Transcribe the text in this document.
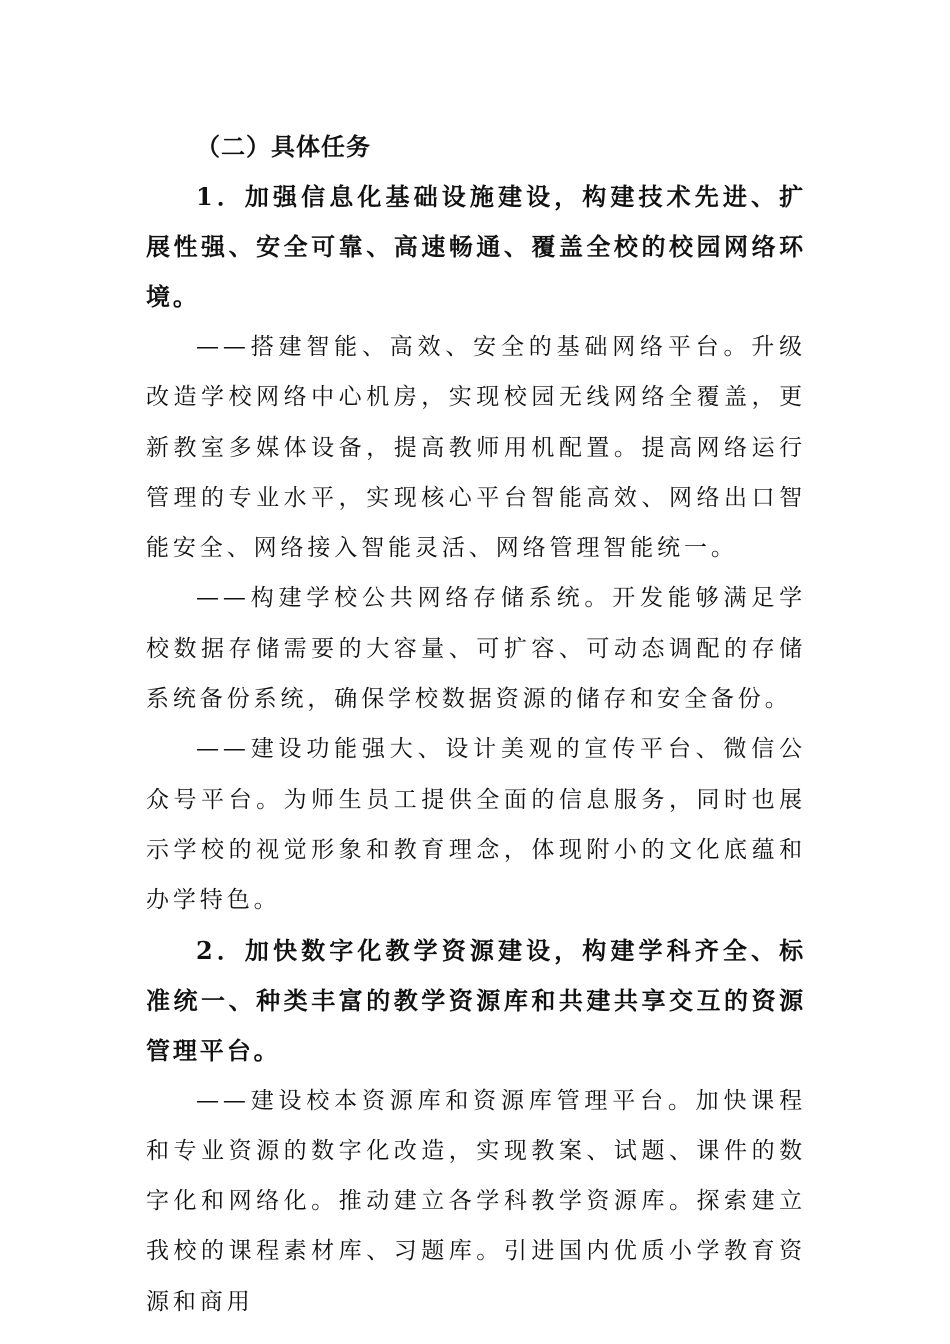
（二）具体任务

1．加强信息化基础设施建设，构建技术先进、扩展性强、安全可靠、高速畅通、覆盖全校的校园网络环境。

——搭建智能、高效、安全的基础网络平台。升级改造学校网络中心机房，实现校园无线网络全覆盖，更新教室多媒体设备，提高教师用机配置。提高网络运行管理的专业水平，实现核心平台智能高效、网络出口智能安全、网络接入智能灵活、网络管理智能统一。

——构建学校公共网络存储系统。开发能够满足学校数据存储需要的大容量、可扩容、可动态调配的存储系统备份系统，确保学校数据资源的储存和安全备份。

——建设功能强大、设计美观的宣传平台、微信公众号平台。为师生员工提供全面的信息服务，同时也展示学校的视觉形象和教育理念，体现附小的文化底蕴和办学特色。

2．加快数字化教学资源建设，构建学科齐全、标准统一、种类丰富的教学资源库和共建共享交互的资源管理平台。

——建设校本资源库和资源库管理平台。加快课程和专业资源的数字化改造，实现教案、试题、课件的数字化和网络化。推动建立各学科教学资源库。探索建立我校的课程素材库、习题库。引进国内优质小学教育资源和商用
